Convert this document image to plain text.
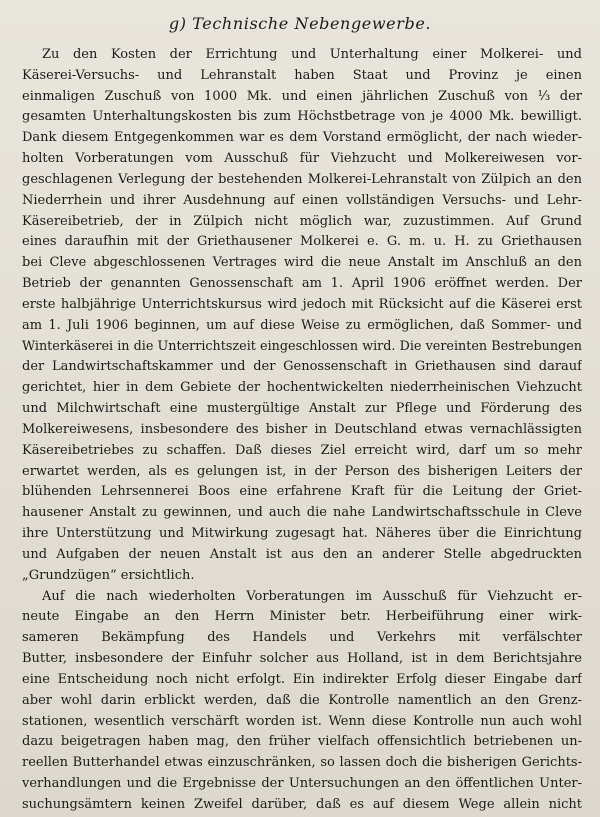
g) Technische Nebengewerbe.
Zu den Kosten der Errichtung und Unterhaltung einer Molkerei- und
Käserei-Versuchs- und Lehranstalt haben Staat und Provinz je einen
einmaligen Zuschuß von 1000 Mk. und einen jährlichen Zuschuß von ⅓ der
gesamten Unterhaltungskosten bis zum Höchstbetrage von je 4000 Mk. bewilligt.
Dank diesem Entgegenkommen war es dem Vorstand ermöglicht, der nach wieder-
holten Vorberatungen vom Ausschuß für Viehzucht und Molkereiwesen vor-
geschlagenen Verlegung der bestehenden Molkerei-Lehranstalt von Zülpich an den
Niederrhein und ihrer Ausdehnung auf einen vollständigen Versuchs- und Lehr-
Käsereibetrieb, der in Zülpich nicht möglich war, zuzustimmen. Auf Grund
eines daraufhin mit der Griethausener Molkerei e. G. m. u. H. zu Griethausen
bei Cleve abgeschlossenen Vertrages wird die neue Anstalt im Anschluß an den
Betrieb der genannten Genossenschaft am 1. April 1906 eröffnet werden. Der
erste halbjährige Unterrichtskursus wird jedoch mit Rücksicht auf die Käserei erst
am 1. Juli 1906 beginnen, um auf diese Weise zu ermöglichen, daß Sommer- und
Winterkäserei in die Unterrichtszeit eingeschlossen wird. Die vereinten Bestrebungen
der Landwirtschaftskammer und der Genossenschaft in Griethausen sind darauf
gerichtet, hier in dem Gebiete der hochentwickelten niederrheinischen Viehzucht
und Milchwirtschaft eine mustergültige Anstalt zur Pflege und Förderung des
Molkereiwesens, insbesondere des bisher in Deutschland etwas vernachlässigten
Käsereibetriebes zu schaffen. Daß dieses Ziel erreicht wird, darf um so mehr
erwartet werden, als es gelungen ist, in der Person des bisherigen Leiters der
blühenden Lehrsennerei Boos eine erfahrene Kraft für die Leitung der Griet-
hausener Anstalt zu gewinnen, und auch die nahe Landwirtschaftsschule in Cleve
ihre Unterstützung und Mitwirkung zugesagt hat. Näheres über die Einrichtung
und Aufgaben der neuen Anstalt ist aus den an anderer Stelle abgedruckten
„Grundzügen“ ersichtlich.
Auf die nach wiederholten Vorberatungen im Ausschuß für Viehzucht er-
neute Eingabe an den Herrn Minister betr. Herbeiführung einer wirk-
sameren Bekämpfung des Handels und Verkehrs mit verfälschter
Butter, insbesondere der Einfuhr solcher aus Holland, ist in dem Berichtsjahre
eine Entscheidung noch nicht erfolgt. Ein indirekter Erfolg dieser Eingabe darf
aber wohl darin erblickt werden, daß die Kontrolle namentlich an den Grenz-
stationen, wesentlich verschärft worden ist. Wenn diese Kontrolle nun auch wohl
dazu beigetragen haben mag, den früher vielfach offensichtlich betriebenen un-
reellen Butterhandel etwas einzuschränken, so lassen doch die bisherigen Gerichts-
verhandlungen und die Ergebnisse der Untersuchungen an den öffentlichen Unter-
suchungsämtern keinen Zweifel darüber, daß es auf diesem Wege allein nicht
